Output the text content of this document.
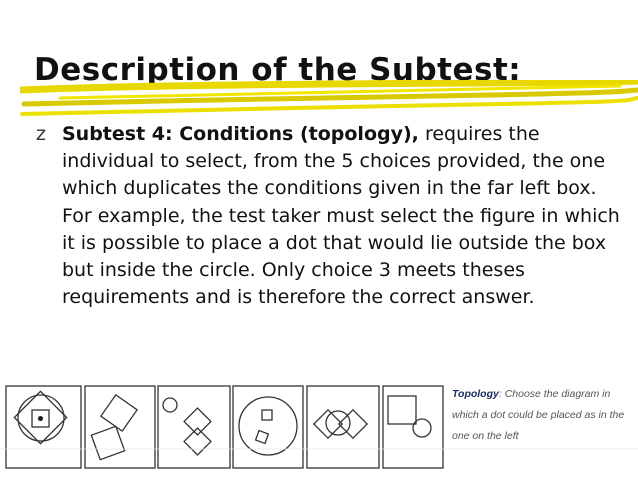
Description of the Subtest:
z Subtest 4: Conditions (topology), requires the individual to select, from the 5 choices provided, the one which duplicates the conditions given in the far left box. For example, the test taker must select the figure in which it is possible to place a dot that would lie outside the box but inside the circle. Only choice 3 meets theses requirements and is therefore the correct answer.
Topology: Choose the diagram in which a dot could be placed as in the one on the left
